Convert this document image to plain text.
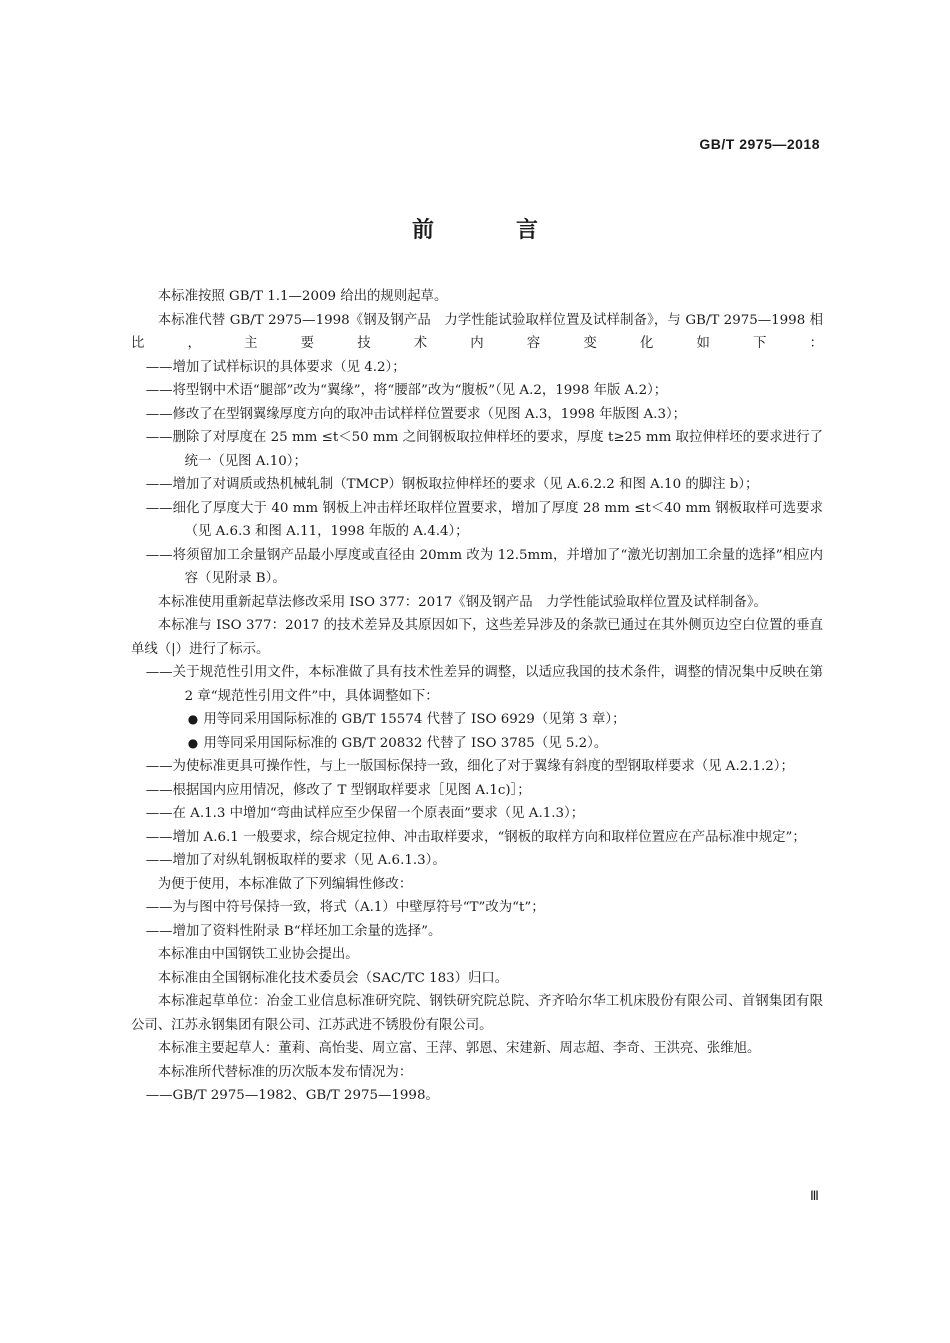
GB/T 2975—2018
前　言

本标准按照 GB/T 1.1—2009 给出的规则起草。

本标准代替 GB/T 2975—1998《钢及钢产品　力学性能试验取样位置及试样制备》，与 GB/T 2975—1998 相比，主要技术内容变化如下：

——增加了试样标识的具体要求（见 4.2）；

——将型钢中术语“腿部”改为“翼缘”，将“腰部”改为“腹板”（见 A.2，1998 年版 A.2）；

——修改了在型钢翼缘厚度方向的取冲击试样样位置要求（见图 A.3，1998 年版图 A.3）；

——删除了对厚度在 25 mm ≤t＜50 mm 之间钢板取拉伸样坯的要求，厚度 t≥25 mm 取拉伸样坯的要求进行了统一（见图 A.10）；

——增加了对调质或热机械轧制（TMCP）钢板取拉伸样坯的要求（见 A.6.2.2 和图 A.10 的脚注 b）；

——细化了厚度大于 40 mm 钢板上冲击样坯取样位置要求，增加了厚度 28 mm ≤t＜40 mm 钢板取样可选要求（见 A.6.3 和图 A.11，1998 年版的 A.4.4）；

——将须留加工余量钢产品最小厚度或直径由 20mm 改为 12.5mm，并增加了“激光切割加工余量的选择”相应内容（见附录 B）。

本标准使用重新起草法修改采用 ISO 377：2017《钢及钢产品　力学性能试验取样位置及试样制备》。

本标准与 ISO 377：2017 的技术差异及其原因如下，这些差异涉及的条款已通过在其外侧页边空白位置的垂直单线（|）进行了标示。

——关于规范性引用文件，本标准做了具有技术性差异的调整，以适应我国的技术条件，调整的情况集中反映在第 2 章“规范性引用文件”中，具体调整如下：

● 用等同采用国际标准的 GB/T 15574 代替了 ISO 6929（见第 3 章）；

● 用等同采用国际标准的 GB/T 20832 代替了 ISO 3785（见 5.2）。

——为使标准更具可操作性，与上一版国标保持一致，细化了对于翼缘有斜度的型钢取样要求（见 A.2.1.2）；

——根据国内应用情况，修改了 T 型钢取样要求［见图 A.1c)］；

——在 A.1.3 中增加“弯曲试样应至少保留一个原表面”要求（见 A.1.3）；

——增加 A.6.1 一般要求，综合规定拉伸、冲击取样要求，“钢板的取样方向和取样位置应在产品标准中规定”；

——增加了对纵轧钢板取样的要求（见 A.6.1.3）。

为便于使用，本标准做了下列编辑性修改：

——为与图中符号保持一致，将式（A.1）中壁厚符号“T”改为“t”；

——增加了资料性附录 B“样坯加工余量的选择”。

本标准由中国钢铁工业协会提出。

本标准由全国钢标准化技术委员会（SAC/TC 183）归口。

本标准起草单位：冶金工业信息标准研究院、钢铁研究院总院、齐齐哈尔华工机床股份有限公司、首钢集团有限公司、江苏永钢集团有限公司、江苏武进不锈股份有限公司。

本标准主要起草人：董莉、高怡斐、周立富、王萍、郭恩、宋建新、周志超、李奇、王洪亮、张维旭。

本标准所代替标准的历次版本发布情况为：

——GB/T 2975—1982、GB/T 2975—1998。

Ⅲ
